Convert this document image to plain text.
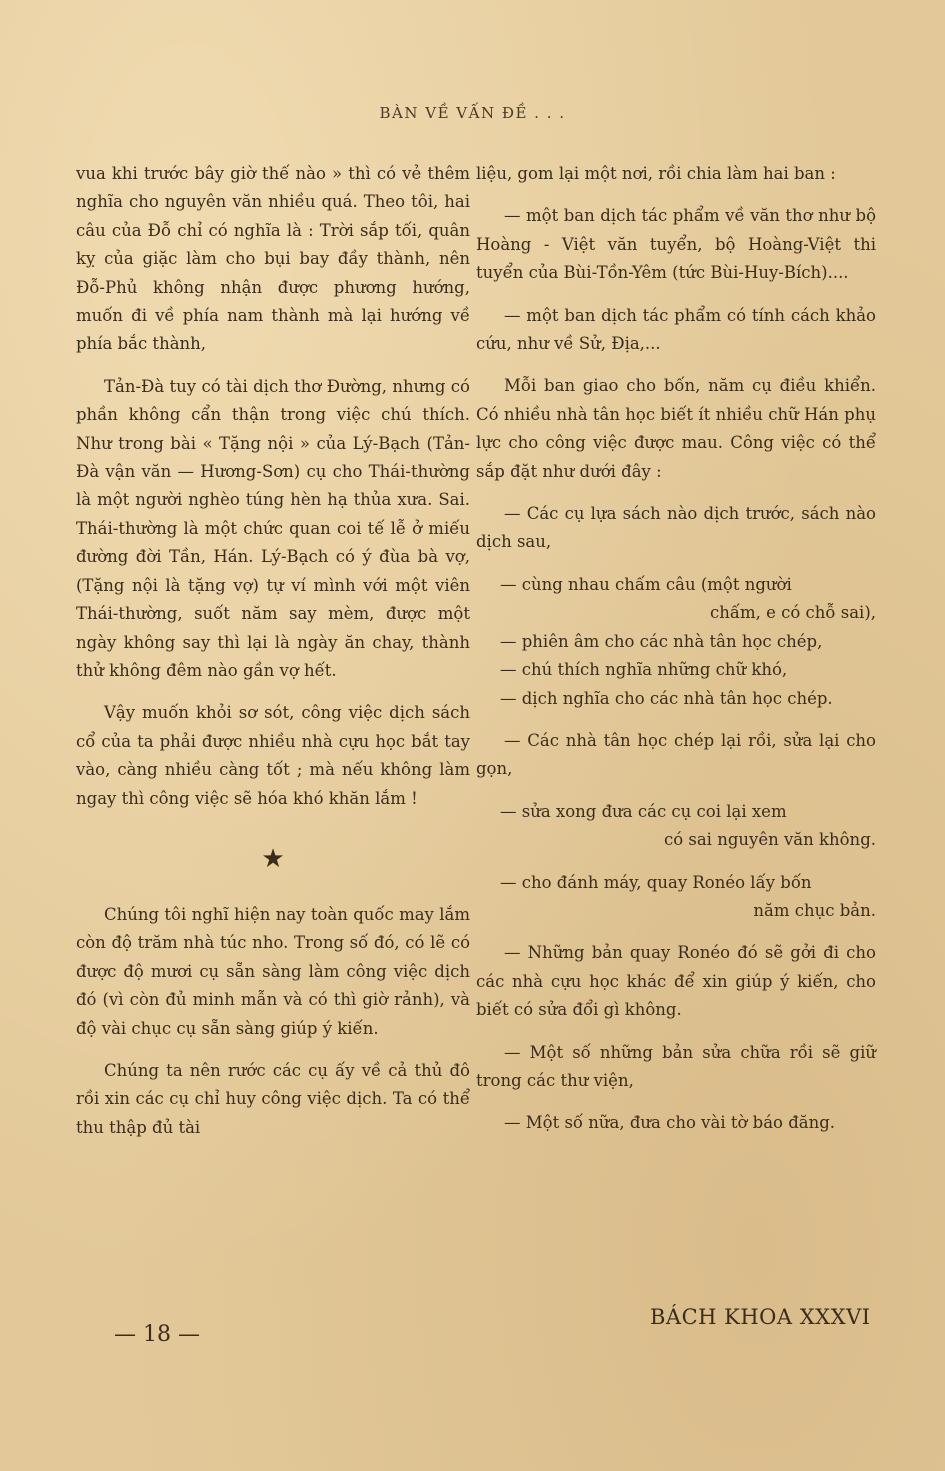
BÀN VỀ VẤN ĐỀ . . .

vua khi trước bây giờ thế nào » thì có vẻ thêm nghĩa cho nguyên văn nhiều quá. Theo tôi, hai câu của Đỗ chỉ có nghĩa là : Trời sắp tối, quân kỵ của giặc làm cho bụi bay đầy thành, nên Đỗ-Phủ không nhận được phương hướng, muốn đi về phía nam thành mà lại hướng về phía bắc thành,

Tản-Đà tuy có tài dịch thơ Đường, nhưng có phần không cẩn thận trong việc chú thích. Như trong bài « Tặng nội » của Lý-Bạch (Tản-Đà vận văn — Hương-Sơn) cụ cho Thái-thường là một người nghèo túng hèn hạ thủa xưa. Sai. Thái-thường là một chức quan coi tế lễ ở miếu đường đời Tần, Hán. Lý-Bạch có ý đùa bà vợ, (Tặng nội là tặng vợ) tự ví mình với một viên Thái-thường, suốt năm say mèm, được một ngày không say thì lại là ngày ăn chay, thành thử không đêm nào gần vợ hết.

Vậy muốn khỏi sơ sót, công việc dịch sách cổ của ta phải được nhiều nhà cựu học bắt tay vào, càng nhiều càng tốt ; mà nếu không làm ngay thì công việc sẽ hóa khó khăn lắm !

★

Chúng tôi nghĩ hiện nay toàn quốc may lắm còn độ trăm nhà túc nho. Trong số đó, có lẽ có được độ mươi cụ sẵn sàng làm công việc dịch đó (vì còn đủ minh mẫn và có thì giờ rảnh), và độ vài chục cụ sẵn sàng giúp ý kiến.

Chúng ta nên rước các cụ ấy về cả thủ đô rồi xin các cụ chỉ huy công việc dịch. Ta có thể thu thập đủ tài

liệu, gom lại một nơi, rồi chia làm hai ban :

— một ban dịch tác phẩm về văn thơ như bộ Hoàng - Việt văn tuyển, bộ Hoàng-Việt thi tuyển của Bùi-Tồn-Yêm (tức Bùi-Huy-Bích)....

— một ban dịch tác phẩm có tính cách khảo cứu, như về Sử, Địa,...

Mỗi ban giao cho bốn, năm cụ điều khiển. Có nhiều nhà tân học biết ít nhiều chữ Hán phụ lực cho công việc được mau. Công việc có thể sắp đặt như dưới đây :

— Các cụ lựa sách nào dịch trước, sách nào dịch sau,

— cùng nhau chấm câu (một người
chấm, e có chỗ sai),

— phiên âm cho các nhà tân học chép,

— chú thích nghĩa những chữ khó,

— dịch nghĩa cho các nhà tân học chép.

— Các nhà tân học chép lại rồi, sửa lại cho gọn,

— sửa xong đưa các cụ coi lại xem
có sai nguyên văn không.

— cho đánh máy, quay Ronéo lấy bốn
năm chục bản.

— Những bản quay Ronéo đó sẽ gởi đi cho các nhà cựu học khác để xin giúp ý kiến, cho biết có sửa đổi gì không.

— Một số những bản sửa chữa rồi sẽ giữ trong các thư viện,

— Một số nữa, đưa cho vài tờ báo đăng.

— 18 —
BÁCH KHOA XXXVI
